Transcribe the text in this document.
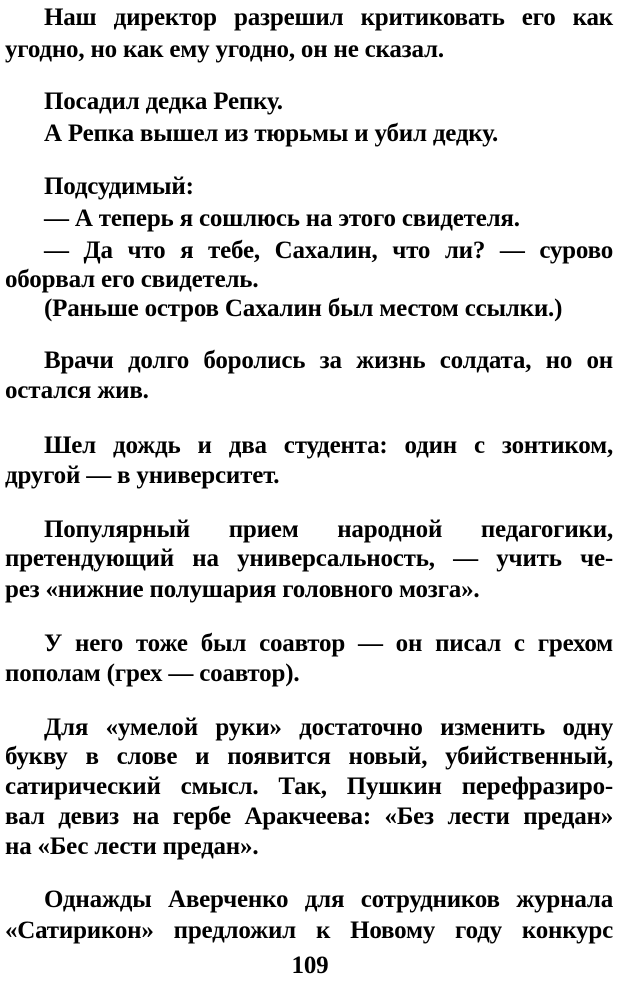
Наш директор разрешил критиковать его как
угодно, но как ему угодно, он не сказал.
Посадил дедка Репку.
А Репка вышел из тюрьмы и убил дедку.
Подсудимый:
— А теперь я сошлюсь на этого свидетеля.
— Да что я тебе, Сахалин, что ли? — сурово
оборвал его свидетель.
(Раньше остров Сахалин был местом ссылки.)
Врачи долго боролись за жизнь солдата, но он
остался жив.
Шел дождь и два студента: один с зонтиком,
другой — в университет.
Популярный прием народной педагогики,
претендующий на универсальность, — учить че-
рез «нижние полушария головного мозга».
У него тоже был соавтор — он писал с грехом
пополам (грех — соавтор).
Для «умелой руки» достаточно изменить одну
букву в слове и появится новый, убийственный,
сатирический смысл. Так, Пушкин перефразиро-
вал девиз на гербе Аракчеева: «Без лести предан»
на «Бес лести предан».
Однажды Аверченко для сотрудников журнала
«Сатирикон» предложил к Новому году конкурс
109
